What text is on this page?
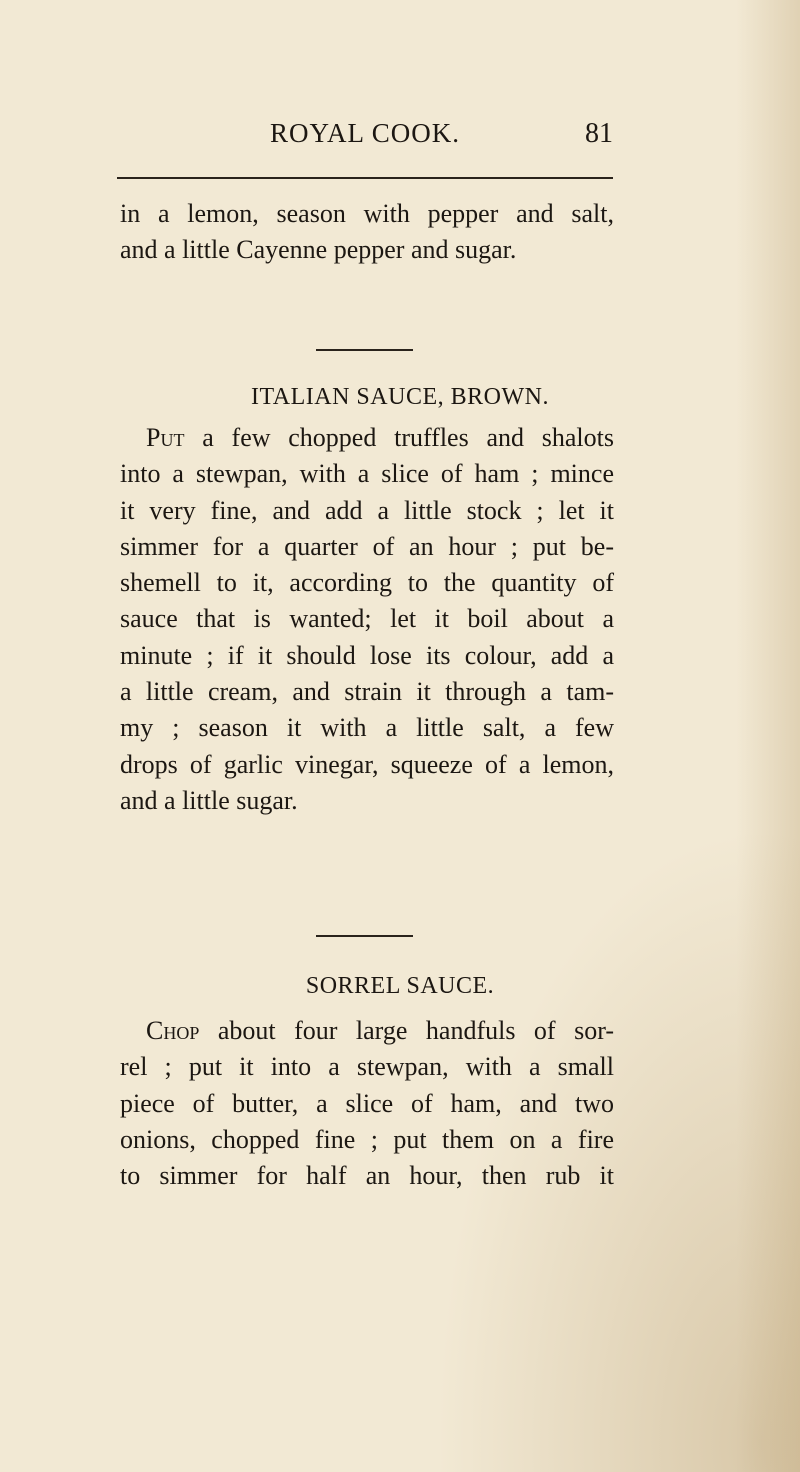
ROYAL COOK.	81
in a lemon, season with pepper and salt,
and a little Cayenne pepper and sugar.
ITALIAN SAUCE, BROWN.
Put a few chopped truffles and shalots
into a stewpan, with a slice of ham ; mince
it very fine, and add a little stock ; let it
simmer for a quarter of an hour ; put be-
shemell to it, according to the quantity of
sauce that is wanted; let it boil about a
minute ; if it should lose its colour, add a
a little cream, and strain it through a tam-
my ; season it with a little salt, a few
drops of garlic vinegar, squeeze of a lemon,
and a little sugar.
SORREL SAUCE.
Chop about four large handfuls of sor-
rel ; put it into a stewpan, with a small
piece of butter, a slice of ham, and two
onions, chopped fine ; put them on a fire
to simmer for half an hour, then rub it
